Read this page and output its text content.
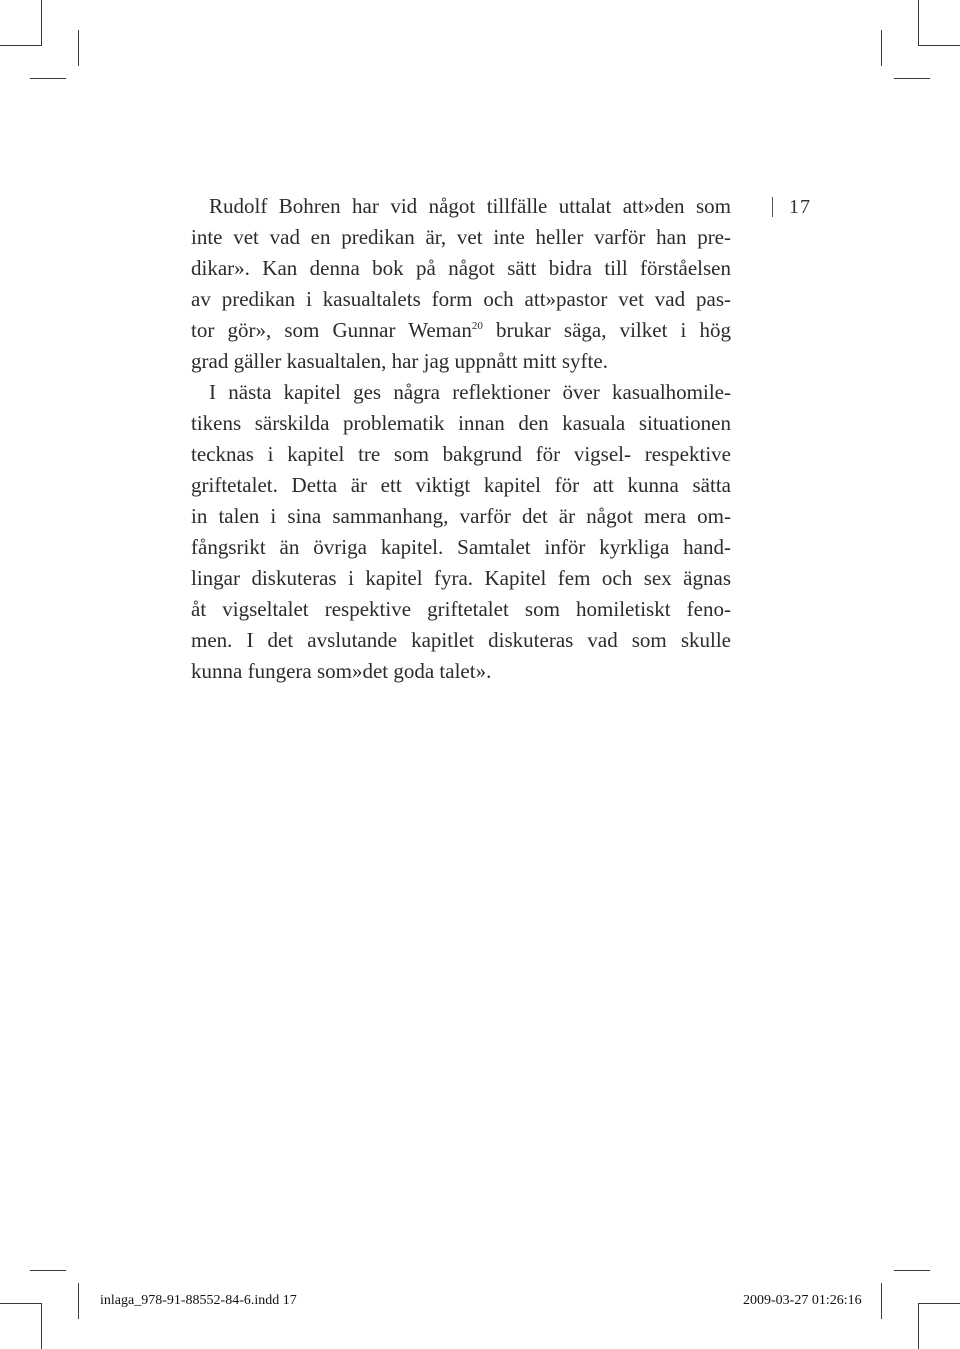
17
Rudolf Bohren har vid något tillfälle uttalat att»den som
inte vet vad en predikan är, vet inte heller varför han pre-
dikar». Kan denna bok på något sätt bidra till förståelsen
av predikan i kasualtalets form och att»pastor vet vad pas-
tor gör», som Gunnar Weman$^{20}$ brukar säga, vilket i hög
grad gäller kasualtalen, har jag uppnått mitt syfte.
I nästa kapitel ges några reflektioner över kasualhomile-
tikens särskilda problematik innan den kasuala situationen
tecknas i kapitel tre som bakgrund för vigsel- respektive
griftetalet. Detta är ett viktigt kapitel för att kunna sätta
in talen i sina sammanhang, varför det är något mera om-
fångsrikt än övriga kapitel. Samtalet inför kyrkliga hand-
lingar diskuteras i kapitel fyra. Kapitel fem och sex ägnas
åt vigseltalet respektive griftetalet som homiletiskt feno-
men. I det avslutande kapitlet diskuteras vad som skulle
kunna fungera som»det goda talet».
inlaga_978-91-88552-84-6.indd 17	2009-03-27 01:26:16
